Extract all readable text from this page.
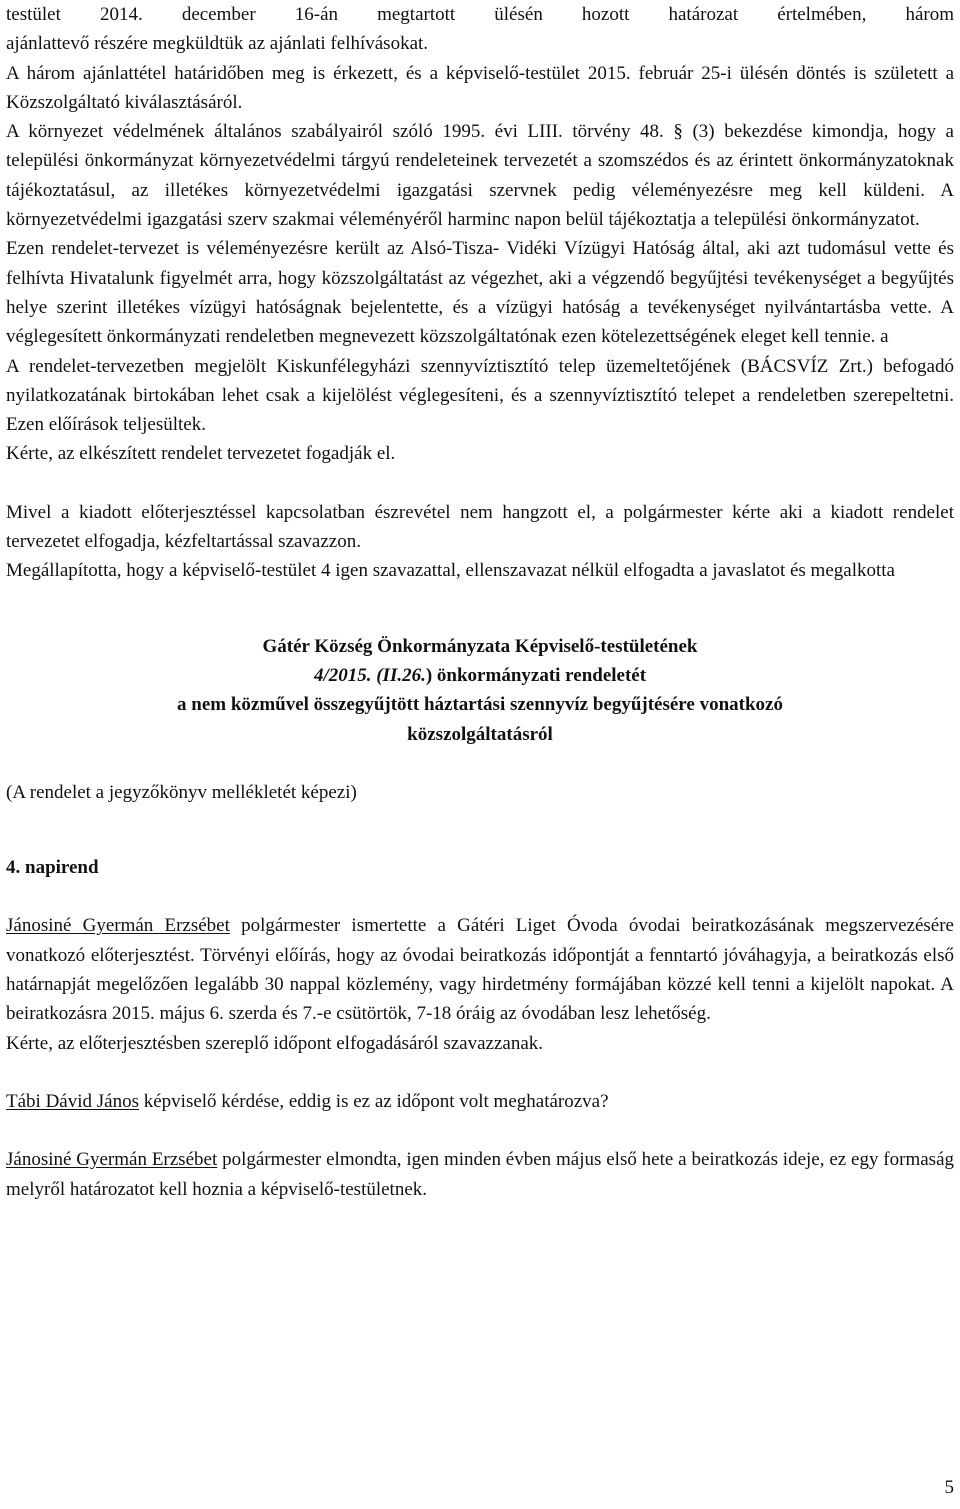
testület 2014. december 16-án megtartott ülésén hozott határozat értelmében, három

ajánlattevő részére megküldtük az ajánlati felhívásokat.

A három ajánlattétel határidőben meg is érkezett, és a képviselő-testület 2015. február 25-i ülésén döntés is született a Közszolgáltató kiválasztásáról.

A környezet védelmének általános szabályairól szóló 1995. évi LIII. törvény 48. § (3) bekezdése kimondja, hogy a települési önkormányzat környezetvédelmi tárgyú rendeleteinek tervezetét a szomszédos és az érintett önkormányzatoknak tájékoztatásul, az illetékes környezetvédelmi igazgatási szervnek pedig véleményezésre meg kell küldeni. A környezetvédelmi igazgatási szerv szakmai véleményéről harminc napon belül tájékoztatja a települési önkormányzatot.

Ezen rendelet-tervezet is véleményezésre került az Alsó-Tisza- Vidéki Vízügyi Hatóság által, aki azt tudomásul vette és felhívta Hivatalunk figyelmét arra, hogy közszolgáltatást az végezhet, aki a végzendő begyűjtési tevékenységet a begyűjtés helye szerint illetékes vízügyi hatóságnak bejelentette, és a vízügyi hatóság a tevékenységet nyilvántartásba vette. A véglegesített önkormányzati rendeletben megnevezett közszolgáltatónak ezen kötelezettségének eleget kell tennie. a

A rendelet-tervezetben megjelölt Kiskunfélegyházi szennyvíztisztító telep üzemeltetőjének (BÁCSVÍZ Zrt.) befogadó nyilatkozatának birtokában lehet csak a kijelölést véglegesíteni, és a szennyvíztisztító telepet a rendeletben szerepeltetni. Ezen előírások teljesültek.

Kérte, az elkészített rendelet tervezetet fogadják el.

Mivel a kiadott előterjesztéssel kapcsolatban észrevétel nem hangzott el, a polgármester kérte aki a kiadott rendelet tervezetet elfogadja, kézfeltartással szavazzon.

Megállapította, hogy a képviselő-testület 4 igen szavazattal, ellenszavazat nélkül elfogadta a javaslatot és megalkotta

Gátér Község Önkormányzata Képviselő-testületének

4/2015. (II.26.) önkormányzati rendeletét

a nem közművel összegyűjtött háztartási szennyvíz begyűjtésére vonatkozó

közszolgáltatásról

(A rendelet a jegyzőkönyv mellékletét képezi)

4. napirend

Jánosiné Gyermán Erzsébet polgármester ismertette a Gátéri Liget Óvoda óvodai beiratkozásának megszervezésére vonatkozó előterjesztést. Törvényi előírás, hogy az óvodai beiratkozás időpontját a fenntartó jóváhagyja, a beiratkozás első határnapját megelőzően legalább 30 nappal közlemény, vagy hirdetmény formájában közzé kell tenni a kijelölt napokat. A beiratkozásra 2015. május 6. szerda és 7.-e csütörtök, 7-18 óráig az óvodában lesz lehetőség.

Kérte, az előterjesztésben szereplő időpont elfogadásáról szavazzanak.

Tábi Dávid János képviselő kérdése, eddig is ez az időpont volt meghatározva?

Jánosiné Gyermán Erzsébet polgármester elmondta, igen minden évben május első hete a beiratkozás ideje, ez egy formaság melyről határozatot kell hoznia a képviselő-testületnek.

5
